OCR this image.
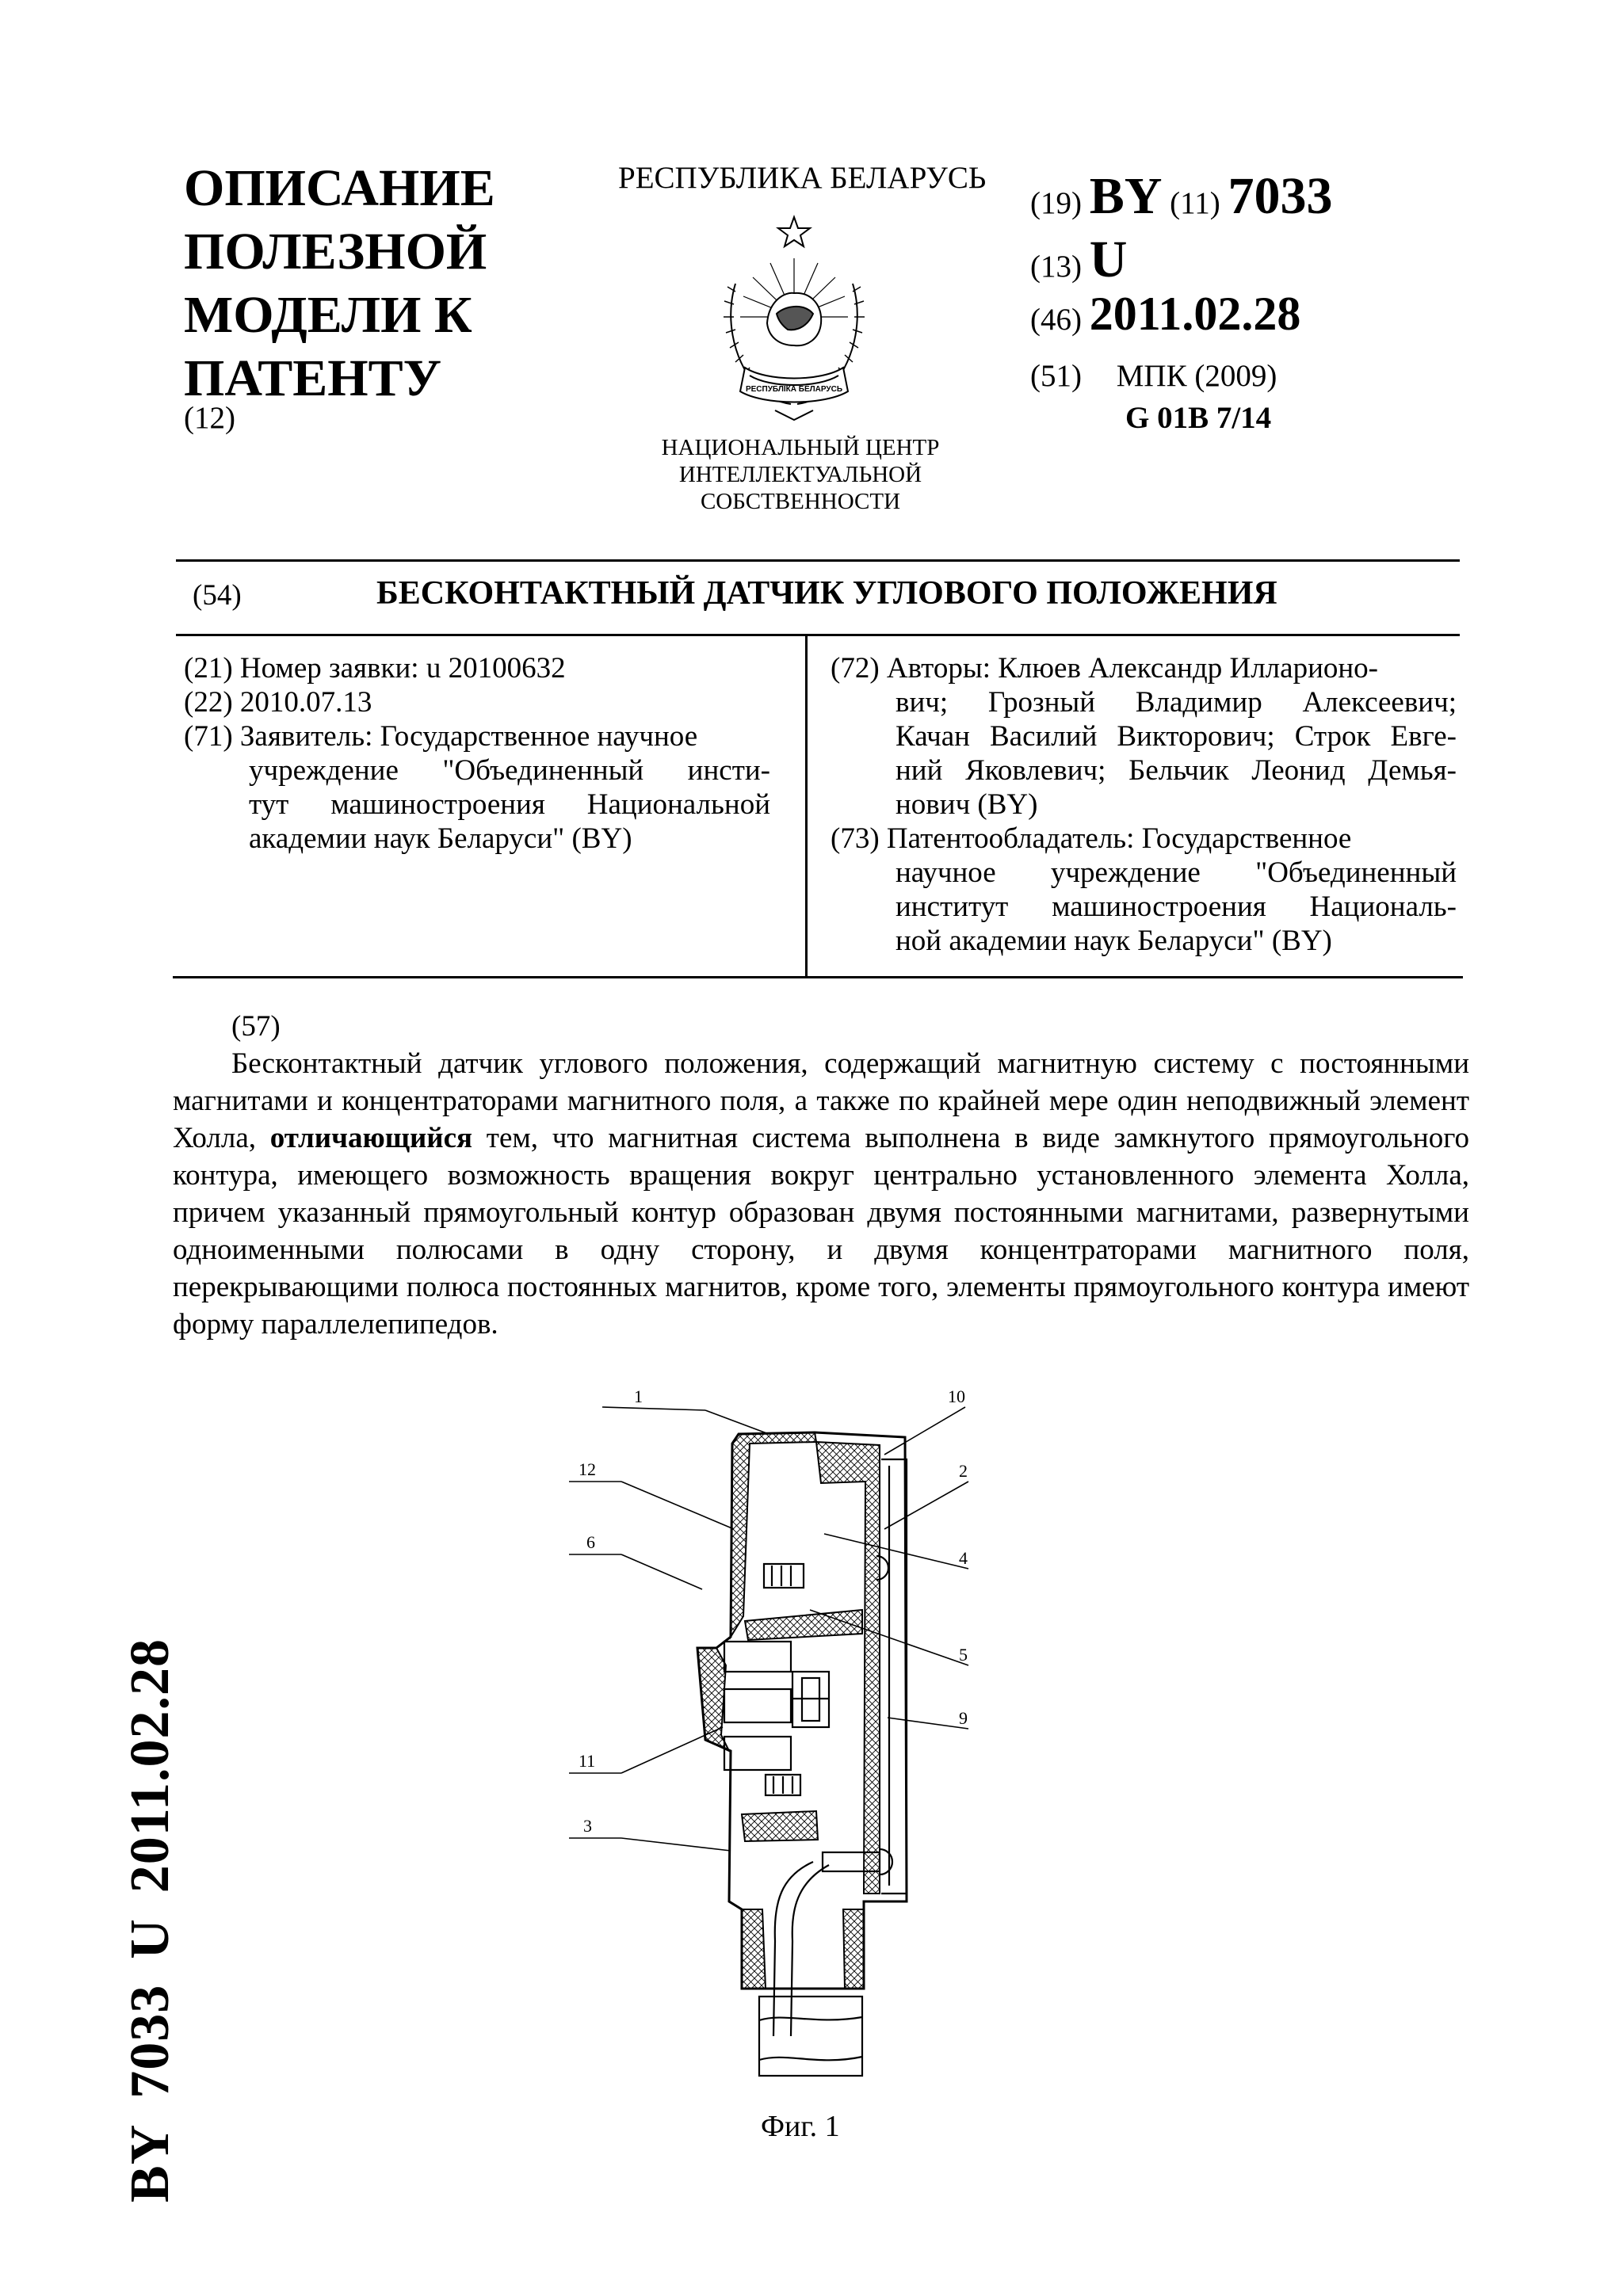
ОПИСАНИЕ
ПОЛЕЗНОЙ
МОДЕЛИ К
ПАТЕНТУ
(12)
РЕСПУБЛИКА БЕЛАРУСЬ
РЕСПУБЛІКА БЕЛАРУСЬ
НАЦИОНАЛЬНЫЙ ЦЕНТР
ИНТЕЛЛЕКТУАЛЬНОЙ
СОБСТВЕННОСТИ
(19) BY (11) 7033
(13) U
(46) 2011.02.28
(51) МПК (2009)
G 01B 7/14
(54)	БЕСКОНТАКТНЫЙ ДАТЧИК УГЛОВОГО ПОЛОЖЕНИЯ
(21) Номер заявки: u 20100632
(22) 2010.07.13
(71) Заявитель: Государственное научное
учреждение "Объединенный инсти-
тут машиностроения Национальной
академии наук Беларуси" (BY)
(72) Авторы: Клюев Александр Илларионо-
вич; Грозный Владимир Алексеевич;
Качан Василий Викторович; Строк Евге-
ний Яковлевич; Бельчик Леонид Демья-
нович (BY)
(73) Патентообладатель: Государственное
научное учреждение "Объединенный
институт машиностроения Националь-
ной академии наук Беларуси" (BY)
(57)

Бесконтактный датчик углового положения, содержащий магнитную систему с постоянными магнитами и концентраторами магнитного поля, а также по крайней мере один неподвижный элемент Холла, отличающийся тем, что магнитная система выполнена в виде замкнутого прямоугольного контура, имеющего возможность вращения вокруг центрально установленного элемента Холла, причем указанный прямоугольный контур образован двумя постоянными магнитами, развернутыми одноименными полюсами в одну сторону, и двумя концентраторами магнитного поля, перекрывающими полюса постоянных магнитов, кроме того, элементы прямоугольного контура имеют форму параллелепипедов.

1	10
12	2
6
4
5
11
9
3
Фиг. 1
BY7033U2011.02.28
